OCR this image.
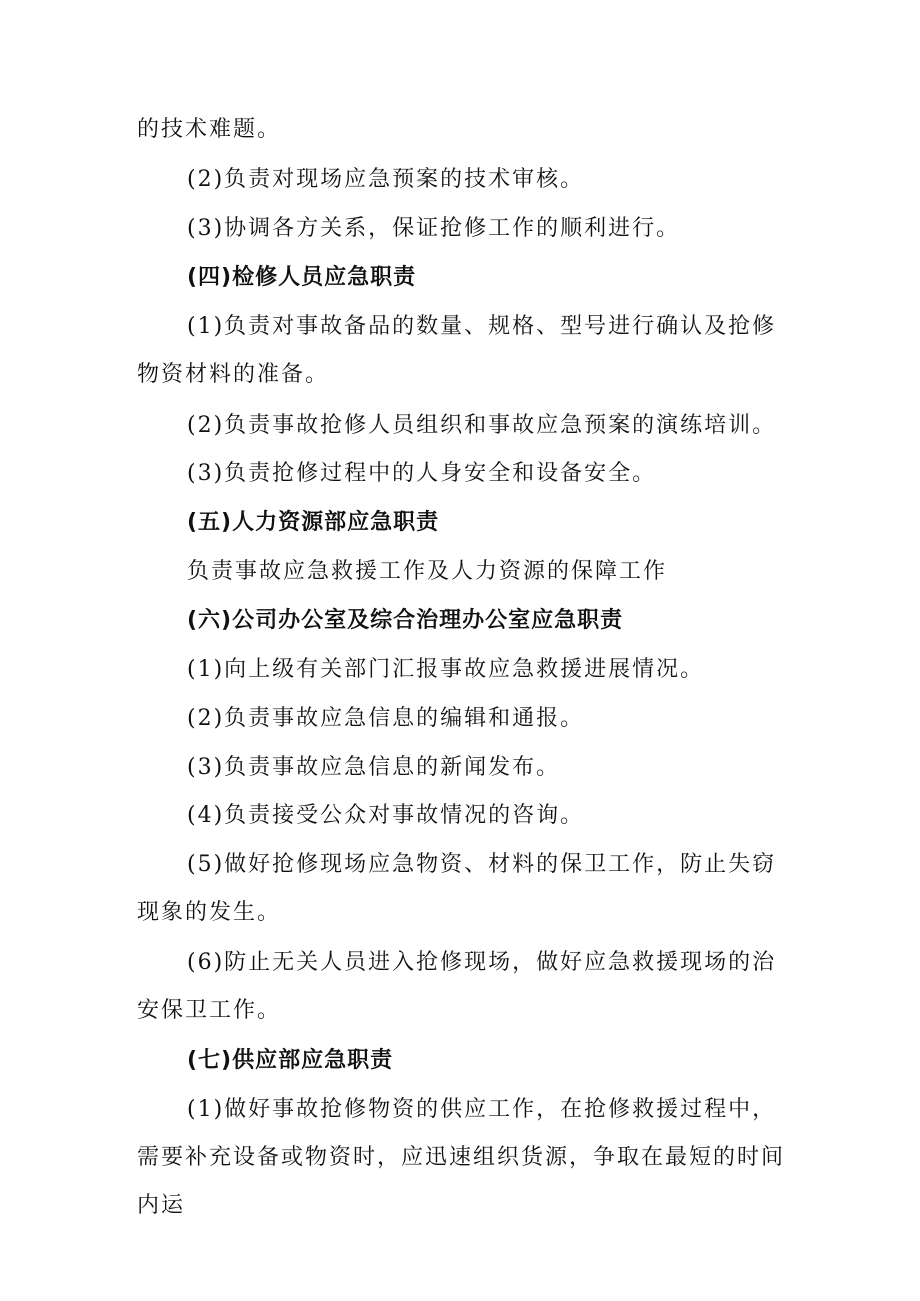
的技术难题。

(2)负责对现场应急预案的技术审核。

(3)协调各方关系，保证抢修工作的顺利进行。

(四)检修人员应急职责

(1)负责对事故备品的数量、规格、型号进行确认及抢修物资材料的准备。

(2)负责事故抢修人员组织和事故应急预案的演练培训。

(3)负责抢修过程中的人身安全和设备安全。

(五)人力资源部应急职责

负责事故应急救援工作及人力资源的保障工作

(六)公司办公室及综合治理办公室应急职责

(1)向上级有关部门汇报事故应急救援进展情况。

(2)负责事故应急信息的编辑和通报。

(3)负责事故应急信息的新闻发布。

(4)负责接受公众对事故情况的咨询。

(5)做好抢修现场应急物资、材料的保卫工作，防止失窃现象的发生。

(6)防止无关人员进入抢修现场，做好应急救援现场的治安保卫工作。

(七)供应部应急职责

(1)做好事故抢修物资的供应工作，在抢修救援过程中，需要补充设备或物资时，应迅速组织货源，争取在最短的时间内运
